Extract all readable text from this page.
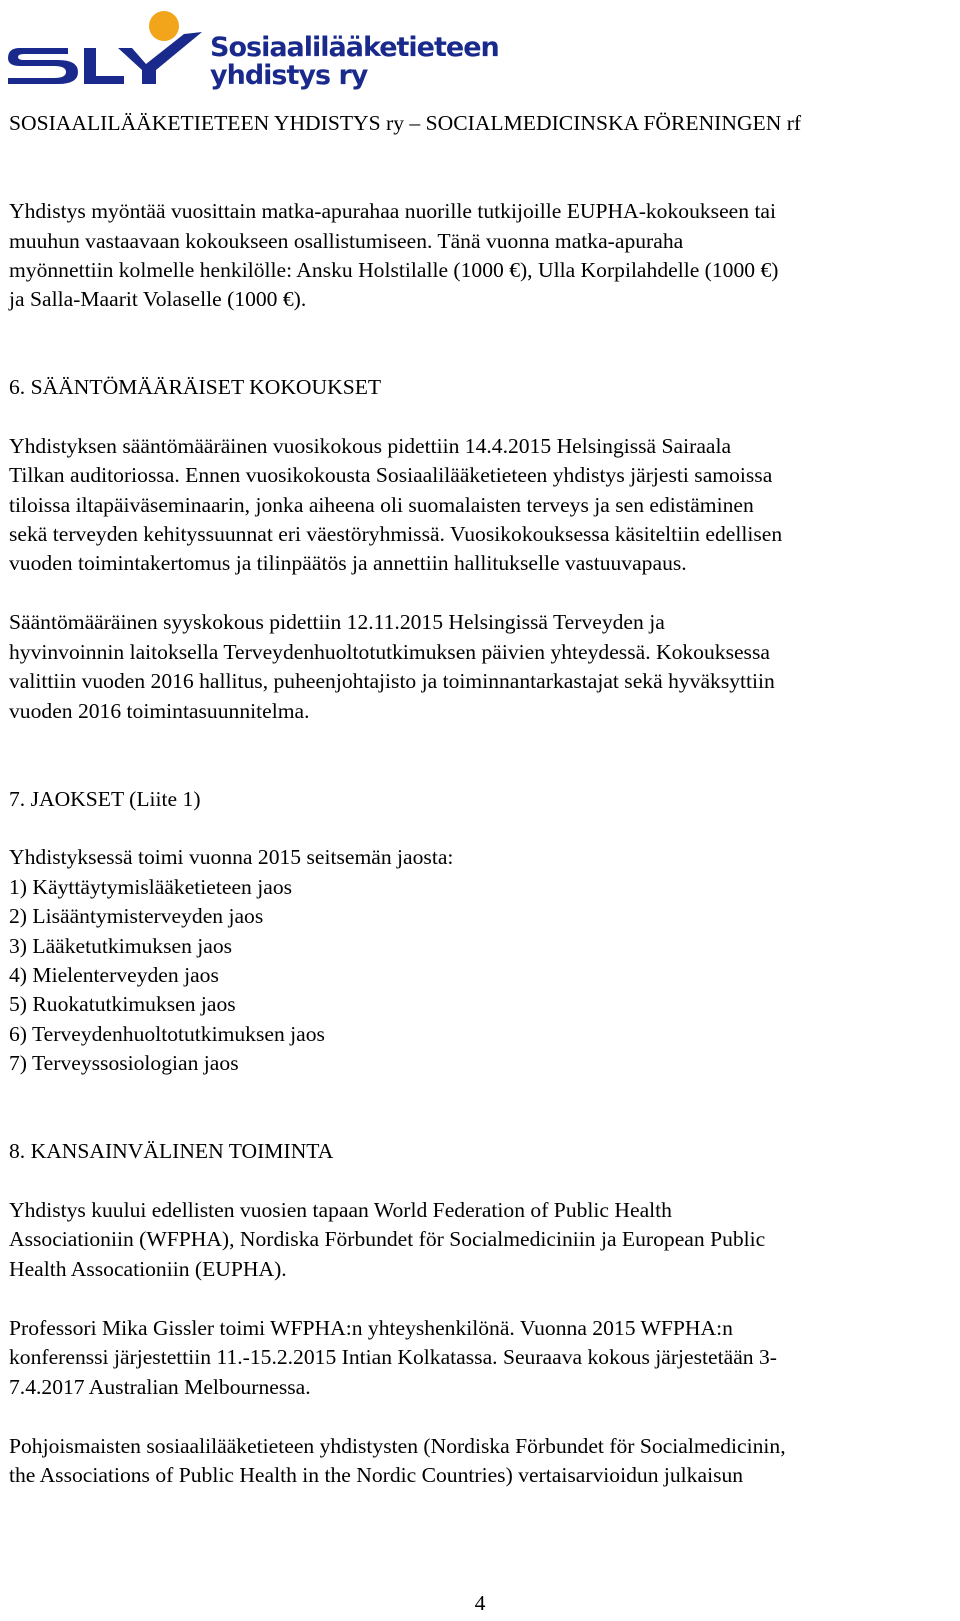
Sosiaalilääketieteen
yhdistys ry

SOSIAALILÄÄKETIETEEN YHDISTYS ry – SOCIALMEDICINSKA FÖRENINGEN rf

Yhdistys myöntää vuosittain matka-apurahaa nuorille tutkijoille EUPHA-kokoukseen tai

muuhun vastaavaan kokoukseen osallistumiseen. Tänä vuonna matka-apuraha

myönnettiin kolmelle henkilölle: Ansku Holstilalle (1000 €), Ulla Korpilahdelle (1000 €)

ja Salla-Maarit Volaselle (1000 €).

6. SÄÄNTÖMÄÄRÄISET KOKOUKSET

Yhdistyksen sääntömääräinen vuosikokous pidettiin 14.4.2015 Helsingissä Sairaala

Tilkan auditoriossa. Ennen vuosikokousta Sosiaalilääketieteen yhdistys järjesti samoissa

tiloissa iltapäiväseminaarin, jonka aiheena oli suomalaisten terveys ja sen edistäminen

sekä terveyden kehityssuunnat eri väestöryhmissä. Vuosikokouksessa käsiteltiin edellisen

vuoden toimintakertomus ja tilinpäätös ja annettiin hallitukselle vastuuvapaus.

Sääntömääräinen syyskokous pidettiin 12.11.2015 Helsingissä Terveyden ja

hyvinvoinnin laitoksella Terveydenhuoltotutkimuksen päivien yhteydessä. Kokouksessa

valittiin vuoden 2016 hallitus, puheenjohtajisto ja toiminnantarkastajat sekä hyväksyttiin

vuoden 2016 toimintasuunnitelma.

7. JAOKSET (Liite 1)

Yhdistyksessä toimi vuonna 2015 seitsemän jaosta:

1) Käyttäytymislääketieteen jaos

2) Lisääntymisterveyden jaos

3) Lääketutkimuksen jaos

4) Mielenterveyden jaos

5) Ruokatutkimuksen jaos

6) Terveydenhuoltotutkimuksen jaos

7) Terveyssosiologian jaos

8. KANSAINVÄLINEN TOIMINTA

Yhdistys kuului edellisten vuosien tapaan World Federation of Public Health

Associationiin (WFPHA), Nordiska Förbundet för Socialmediciniin ja European Public

Health Assocationiin (EUPHA).

Professori Mika Gissler toimi WFPHA:n yhteyshenkilönä. Vuonna 2015 WFPHA:n

konferenssi järjestettiin 11.-15.2.2015 Intian Kolkatassa. Seuraava kokous järjestetään 3-

7.4.2017 Australian Melbournessa.

Pohjoismaisten sosiaalilääketieteen yhdistysten (Nordiska Förbundet för Socialmedicinin,

the Associations of Public Health in the Nordic Countries) vertaisarvioidun julkaisun

4
